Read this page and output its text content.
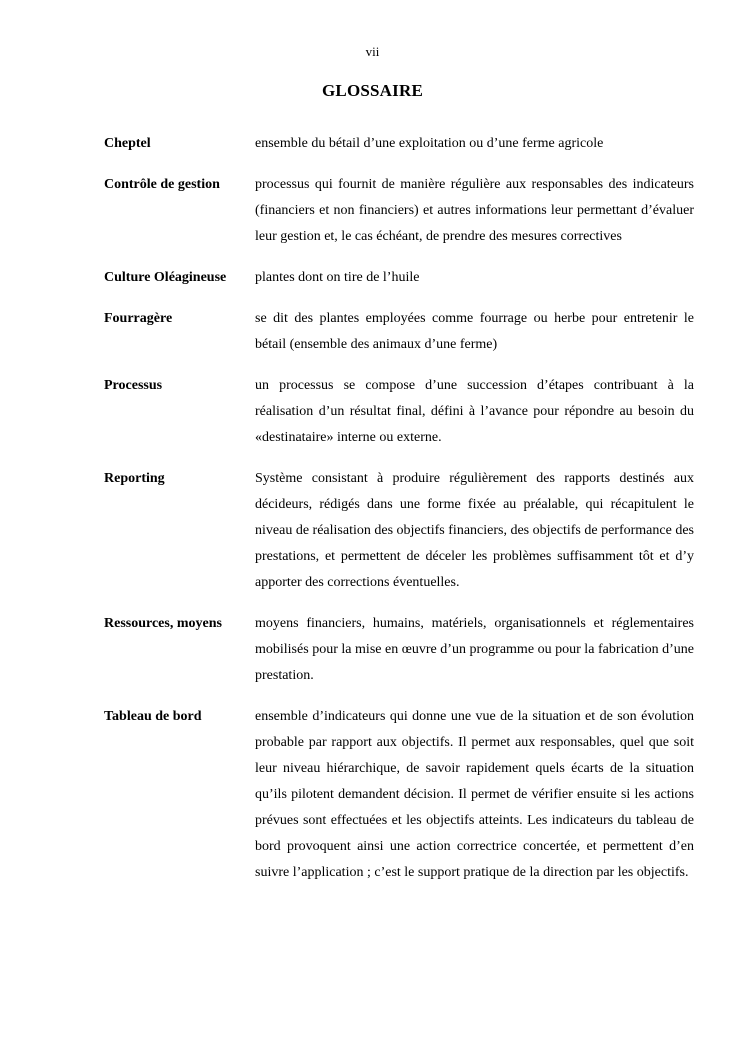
vii
GLOSSAIRE
Cheptel	ensemble du bétail d’une exploitation ou d’une ferme agricole
Contrôle de gestion	processus qui fournit de manière régulière aux responsables des indicateurs (financiers et non financiers) et autres informations leur permettant d’évaluer leur gestion et, le cas échéant, de prendre des mesures correctives
Culture Oléagineuse	plantes dont on tire de l’huile
Fourragère	se dit des plantes employées comme fourrage ou herbe pour entretenir le bétail (ensemble des animaux d’une ferme)
Processus	un processus se compose d’une succession d’étapes contribuant à la réalisation d’un résultat final, défini à l’avance pour répondre au besoin du «destinataire» interne ou externe.
Reporting	Système consistant à produire régulièrement des rapports destinés aux décideurs, rédigés dans une forme fixée au préalable, qui récapitulent le niveau de réalisation des objectifs financiers, des objectifs de performance des prestations, et permettent de déceler les problèmes suffisamment tôt et d’y apporter des corrections éventuelles.
Ressources, moyens	moyens financiers, humains, matériels, organisationnels et réglementaires mobilisés pour la mise en œuvre d’un programme ou pour la fabrication d’une prestation.
Tableau de bord	ensemble d’indicateurs qui donne une vue de la situation et de son évolution probable par rapport aux objectifs. Il permet aux responsables, quel que soit leur niveau hiérarchique, de savoir rapidement quels écarts de la situation qu’ils pilotent demandent décision. Il permet de vérifier ensuite si les actions prévues sont effectuées et les objectifs atteints. Les indicateurs du tableau de bord provoquent ainsi une action correctrice concertée, et permettent d’en suivre l’application ; c’est le support pratique de la direction par les objectifs.
